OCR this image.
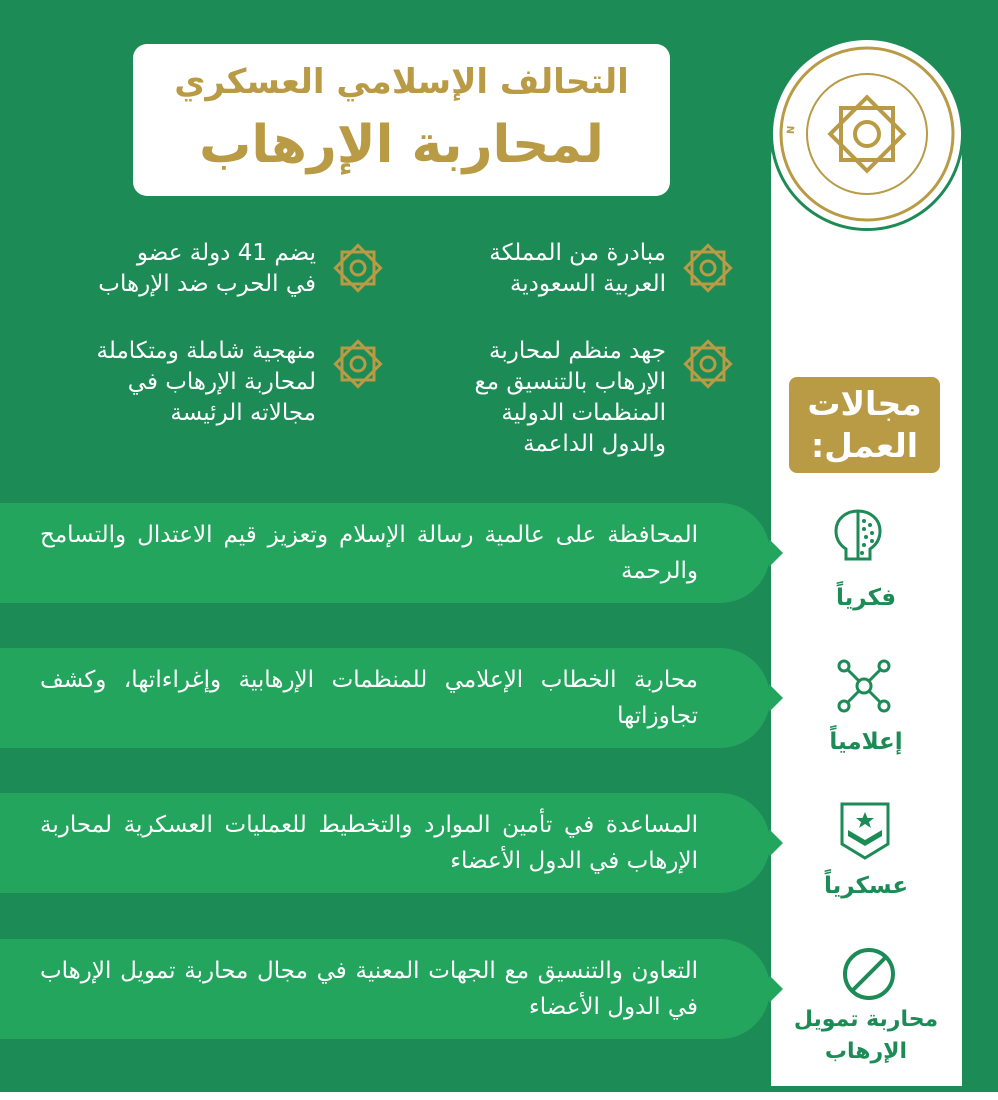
التحالف الإسلامي العسكري
لمحاربة الإرهاب	N
مبادرة من المملكة
العربية السعودية
يضم 41 دولة عضو
في الحرب ضد الإرهاب
جهد منظم لمحاربة
الإرهاب بالتنسيق مع
المنظمات الدولية
والدول الداعمة
منهجية شاملة ومتكاملة
لمحاربة الإرهاب في
مجالاته الرئيسة	مجالات
العمل:
المحافظة على عالمية رسالة الإسلام وتعزيز قيم الاعتدال والتسامح والرحمة
محاربة الخطاب الإعلامي للمنظمات الإرهابية وإغراءاتها، وكشف تجاوزاتها
المساعدة في تأمين الموارد والتخطيط للعمليات العسكرية لمحاربة الإرهاب في الدول الأعضاء
التعاون والتنسيق مع الجهات المعنية في مجال محاربة تمويل الإرهاب في الدول الأعضاء
فكرياً
إعلامياً
عسكرياً
محاربة تمويل الإرهاب
